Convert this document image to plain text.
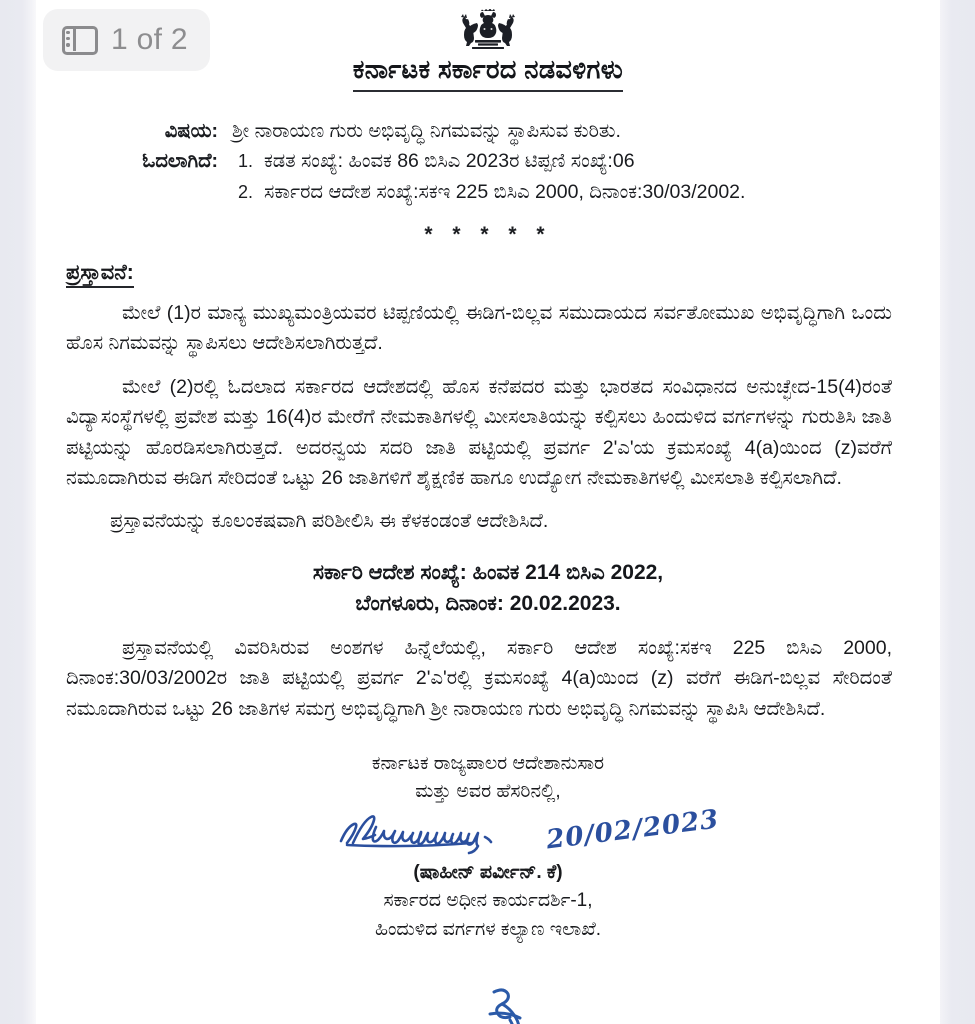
ಕರ್ನಾಟಕ ಸರ್ಕಾರದ ನಡವಳಿಗಳು
ವಿಷಯ: ಶ್ರೀ ನಾರಾಯಣ ಗುರು ಅಭಿವೃದ್ಧಿ ನಿಗಮವನ್ನು ಸ್ಥಾಪಿಸುವ ಕುರಿತು.

ಓದಲಾಗಿದೆ:	1. ಕಡತ ಸಂಖ್ಯೆ: ಹಿಂವಕ 86 ಬಿಸಿಎ 2023ರ ಟಿಪ್ಪಣಿ ಸಂಖ್ಯೆ:06
2. ಸರ್ಕಾರದ ಆದೇಶ ಸಂಖ್ಯೆ:ಸಕಇ 225 ಬಿಸಿಎ 2000, ದಿನಾಂಕ:30/03/2002.
* * * * *
ಪ್ರಸ್ತಾವನೆ:

ಮೇಲೆ (1)ರ ಮಾನ್ಯ ಮುಖ್ಯಮಂತ್ರಿಯವರ ಟಿಪ್ಪಣಿಯಲ್ಲಿ ಈಡಿಗ-ಬಿಲ್ಲವ ಸಮುದಾಯದ ಸರ್ವತೋಮುಖ ಅಭಿವೃದ್ಧಿಗಾಗಿ ಒಂದು ಹೊಸ ನಿಗಮವನ್ನು ಸ್ಥಾಪಿಸಲು ಆದೇಶಿಸಲಾಗಿರುತ್ತದೆ.

ಮೇಲೆ (2)ರಲ್ಲಿ ಓದಲಾದ ಸರ್ಕಾರದ ಆದೇಶದಲ್ಲಿ ಹೊಸ ಕನೆಪದರ ಮತ್ತು ಭಾರತದ ಸಂವಿಧಾನದ ಅನುಚ್ಛೇದ-15(4)ರಂತೆ ವಿದ್ಯಾಸಂಸ್ಥೆಗಳಲ್ಲಿ ಪ್ರವೇಶ ಮತ್ತು 16(4)ರ ಮೇರೆಗೆ ನೇಮಕಾತಿಗಳಲ್ಲಿ ಮೀಸಲಾತಿಯನ್ನು ಕಲ್ಪಿಸಲು ಹಿಂದುಳಿದ ವರ್ಗಗಳನ್ನು ಗುರುತಿಸಿ ಜಾತಿ ಪಟ್ಟಿಯನ್ನು ಹೊರಡಿಸಲಾಗಿರುತ್ತದೆ. ಅದರನ್ವಯ ಸದರಿ ಜಾತಿ ಪಟ್ಟಿಯಲ್ಲಿ ಪ್ರವರ್ಗ 2'ಎ'ಯ ಕ್ರಮಸಂಖ್ಯೆ 4(a)ಯಿಂದ (z)ವರೆಗೆ ನಮೂದಾಗಿರುವ ಈಡಿಗ ಸೇರಿದಂತೆ ಒಟ್ಟು 26 ಜಾತಿಗಳಿಗೆ ಶೈಕ್ಷಣಿಕ ಹಾಗೂ ಉದ್ಯೋಗ ನೇಮಕಾತಿಗಳಲ್ಲಿ ಮೀಸಲಾತಿ ಕಲ್ಪಿಸಲಾಗಿದೆ.

ಪ್ರಸ್ತಾವನೆಯನ್ನು ಕೂಲಂಕಷವಾಗಿ ಪರಿಶೀಲಿಸಿ ಈ ಕೆಳಕಂಡಂತೆ ಆದೇಶಿಸಿದೆ.

ಸರ್ಕಾರಿ ಆದೇಶ ಸಂಖ್ಯೆ: ಹಿಂವಕ 214 ಬಿಸಿಎ 2022,
ಬೆಂಗಳೂರು, ದಿನಾಂಕ: 20.02.2023.

ಪ್ರಸ್ತಾವನೆಯಲ್ಲಿ ವಿವರಿಸಿರುವ ಅಂಶಗಳ ಹಿನ್ನೆಲೆಯಲ್ಲಿ, ಸರ್ಕಾರಿ ಆದೇಶ ಸಂಖ್ಯೆ:ಸಕಇ 225 ಬಿಸಿಎ 2000, ದಿನಾಂಕ:30/03/2002ರ ಜಾತಿ ಪಟ್ಟಿಯಲ್ಲಿ ಪ್ರವರ್ಗ 2'ಎ'ರಲ್ಲಿ ಕ್ರಮಸಂಖ್ಯೆ 4(a)ಯಿಂದ (z) ವರೆಗೆ ಈಡಿಗ-ಬಿಲ್ಲವ ಸೇರಿದಂತೆ ನಮೂದಾಗಿರುವ ಒಟ್ಟು 26 ಜಾತಿಗಳ ಸಮಗ್ರ ಅಭಿವೃದ್ಧಿಗಾಗಿ ಶ್ರೀ ನಾರಾಯಣ ಗುರು ಅಭಿವೃದ್ಧಿ ನಿಗಮವನ್ನು ಸ್ಥಾಪಿಸಿ ಆದೇಶಿಸಿದೆ.

ಕರ್ನಾಟಕ ರಾಜ್ಯಪಾಲರ ಆದೇಶಾನುಸಾರ
ಮತ್ತು ಅವರ ಹೆಸರಿನಲ್ಲಿ,
20/02/2023
(ಷಾಹೀನ್ ಪರ್ವೀನ್. ಕೆ)
ಸರ್ಕಾರದ ಅಧೀನ ಕಾರ್ಯದರ್ಶಿ-1,
ಹಿಂದುಳಿದ ವರ್ಗಗಳ ಕಲ್ಯಾಣ ಇಲಾಖೆ.
1 of 2
